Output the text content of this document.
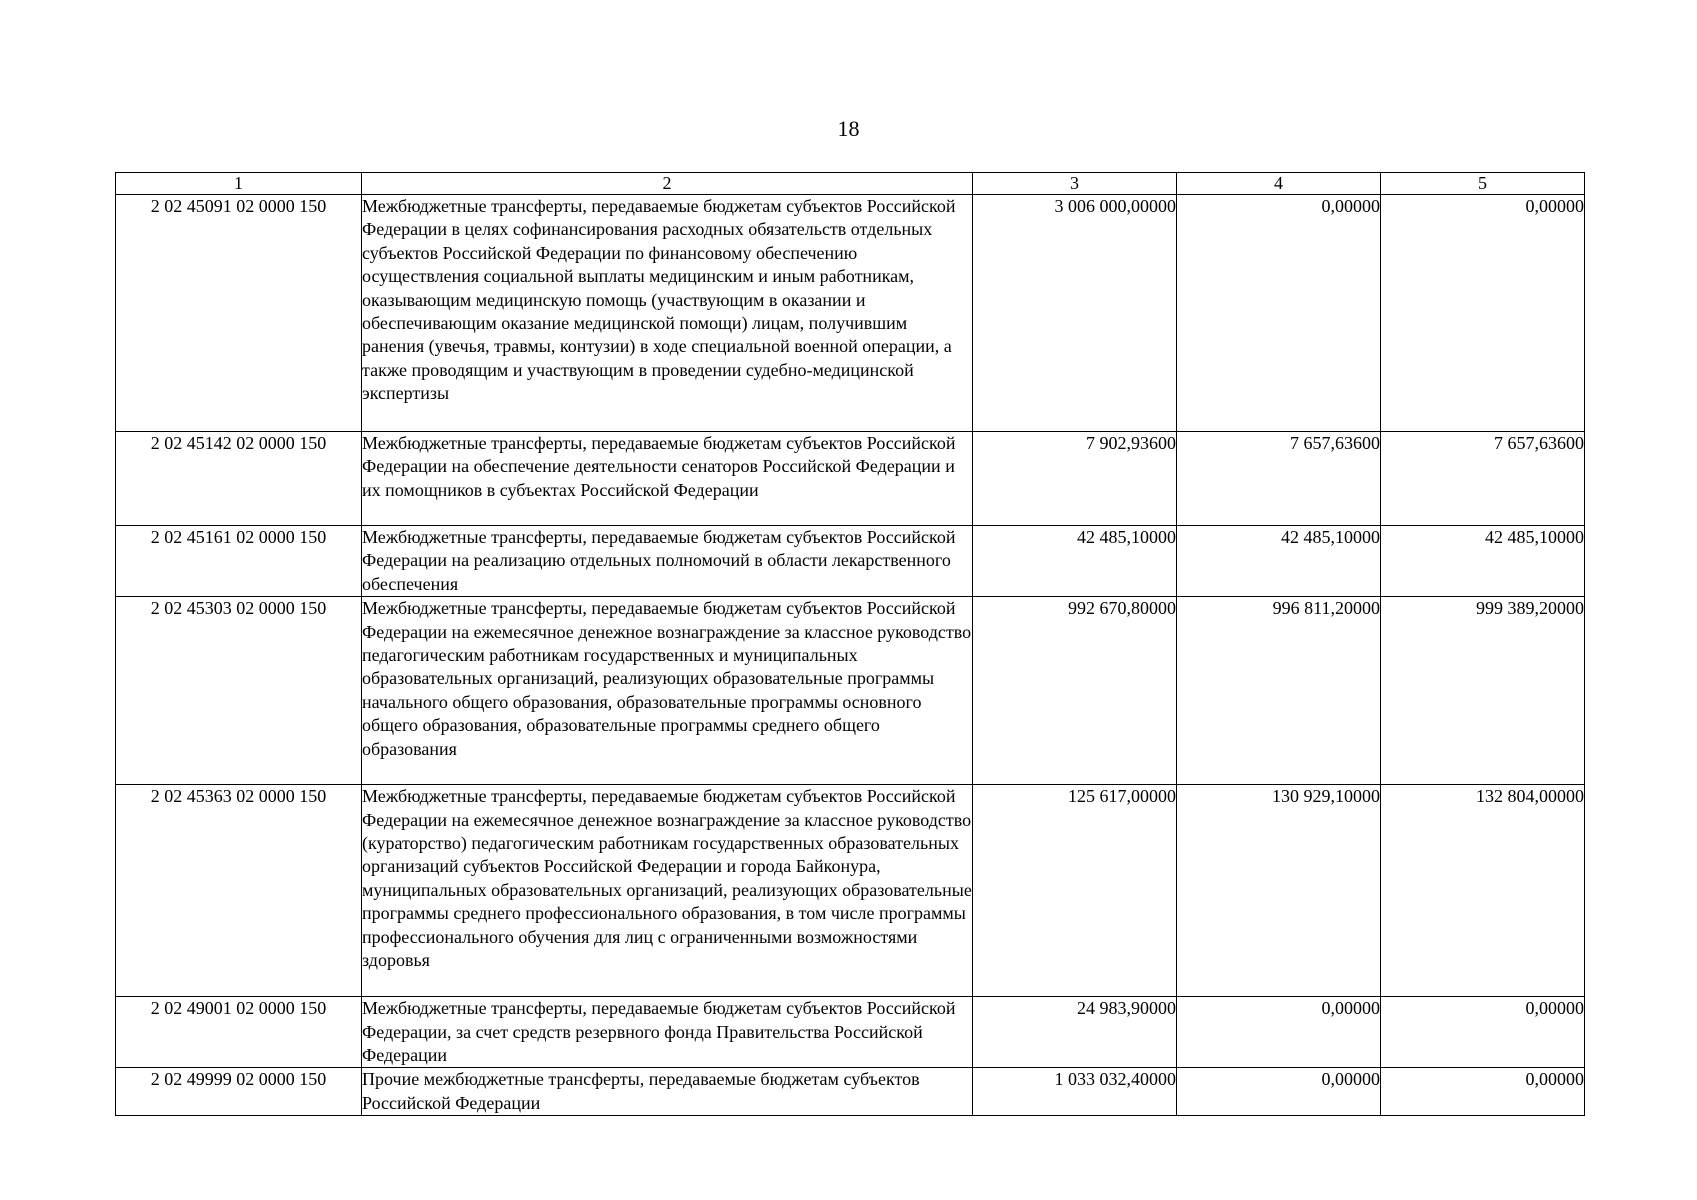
18
1	2	3	4	5
2 02 45091 02 0000 150	Межбюджетные трансферты, передаваемые бюджетам субъектов Российской Федерации в целях софинансирования расходных обязательств отдельных субъектов Российской Федерации по финансовому обеспечению осуществления социальной выплаты медицинским и иным работникам, оказывающим медицинскую помощь (участвующим в оказании и обеспечивающим оказание медицинской помощи) лицам, получившим ранения (увечья, травмы, контузии) в ходе специальной военной операции, а также проводящим и участвующим в проведении судебно-медицинской экспертизы	3 006 000,00000	0,00000	0,00000
2 02 45142 02 0000 150	Межбюджетные трансферты, передаваемые бюджетам субъектов Российской Федерации на обеспечение деятельности сенаторов Российской Федерации и их помощников в субъектах Российской Федерации	7 902,93600	7 657,63600	7 657,63600
2 02 45161 02 0000 150	Межбюджетные трансферты, передаваемые бюджетам субъектов Российской Федерации на реализацию отдельных полномочий в области лекарственного обеспечения	42 485,10000	42 485,10000	42 485,10000
2 02 45303 02 0000 150	Межбюджетные трансферты, передаваемые бюджетам субъектов Российской Федерации на ежемесячное денежное вознаграждение за классное руководство педагогическим работникам государственных и муниципальных образовательных организаций, реализующих образовательные программы начального общего образования, образовательные программы основного общего образования, образовательные программы среднего общего образования	992 670,80000	996 811,20000	999 389,20000
2 02 45363 02 0000 150	Межбюджетные трансферты, передаваемые бюджетам субъектов Российской Федерации на ежемесячное денежное вознаграждение за классное руководство (кураторство) педагогическим работникам государственных образовательных организаций субъектов Российской Федерации и города Байконура, муниципальных образовательных организаций, реализующих образовательные программы среднего профессионального образования, в том числе программы профессионального обучения для лиц с ограниченными возможностями здоровья	125 617,00000	130 929,10000	132 804,00000
2 02 49001 02 0000 150	Межбюджетные трансферты, передаваемые бюджетам субъектов Российской Федерации, за счет средств резервного фонда Правительства Российской Федерации	24 983,90000	0,00000	0,00000
2 02 49999 02 0000 150	Прочие межбюджетные трансферты, передаваемые бюджетам субъектов Российской Федерации	1 033 032,40000	0,00000	0,00000
